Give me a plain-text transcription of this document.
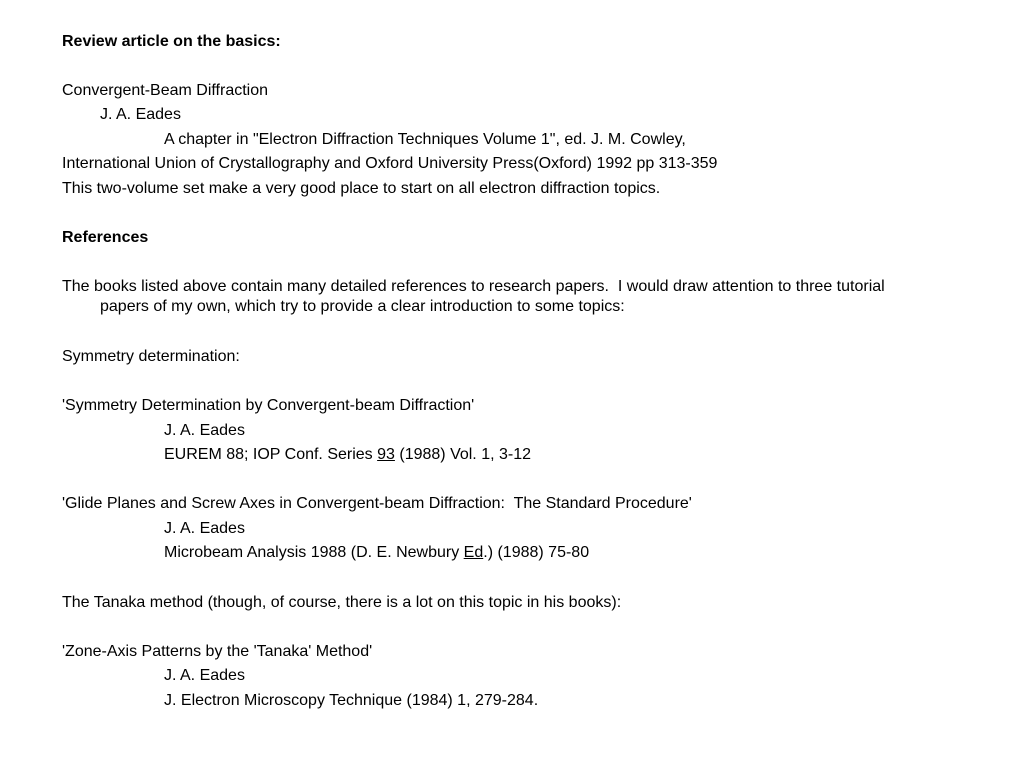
Review article on the basics:
Convergent-Beam Diffraction
J. A. Eades
A chapter in "Electron Diffraction Techniques Volume 1", ed. J. M. Cowley,
International Union of Crystallography and Oxford University Press(Oxford) 1992 pp 313-359
This two-volume set make a very good place to start on all electron diffraction topics.
References
The books listed above contain many detailed references to research papers.  I would draw attention to three tutorial
papers of my own, which try to provide a clear introduction to some topics:
Symmetry determination:
'Symmetry Determination by Convergent-beam Diffraction'
J. A. Eades
EUREM 88; IOP Conf. Series 93 (1988) Vol. 1, 3-12
'Glide Planes and Screw Axes in Convergent-beam Diffraction:  The Standard Procedure'
J. A. Eades
Microbeam Analysis 1988 (D. E. Newbury Ed.) (1988) 75-80
The Tanaka method (though, of course, there is a lot on this topic in his books):
'Zone-Axis Patterns by the 'Tanaka' Method'
J. A. Eades
J. Electron Microscopy Technique (1984) 1, 279-284.
